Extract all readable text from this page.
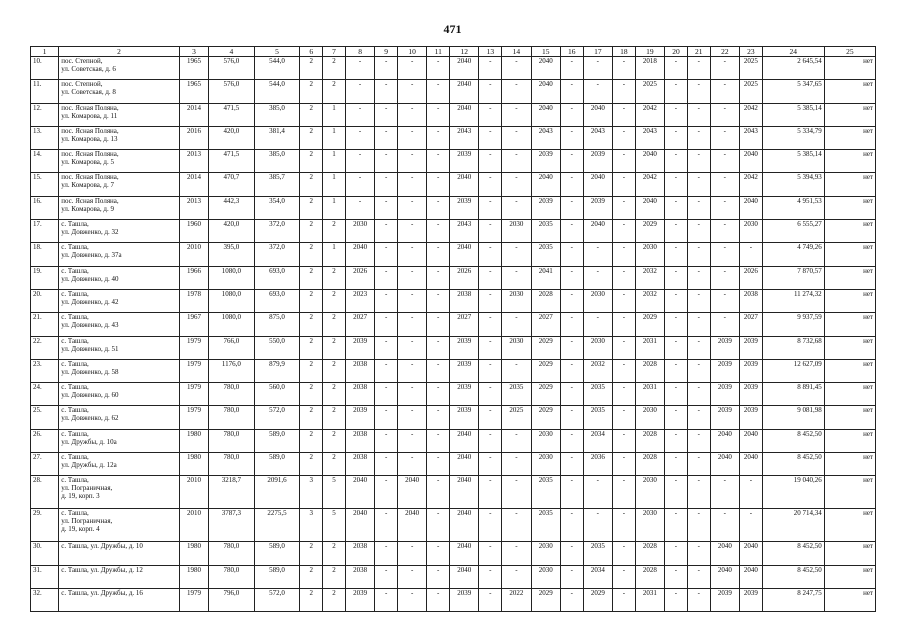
471
1	2	3	4	5	6	7	8	9	10	11	12	13	14	15	16	17	18	19	20	21	22	23	24	25
10.	пос. Степной,
ул. Советская, д. 6	1965	576,0	544,0	2	2	-	-	-	-	2040	-	-	2040	-	-	-	2018	-	-	-	2025	2 645,54	нет
11.	пос. Степной,
ул. Советская, д. 8	1965	576,0	544,0	2	2	-	-	-	-	2040	-	-	2040	-	-	-	2025	-	-	-	2025	5 347,65	нет
12.	пос. Ясная Поляна,
ул. Комарова, д. 11	2014	471,5	385,0	2	1	-	-	-	-	2040	-	-	2040	-	2040	-	2042	-	-	-	2042	5 385,14	нет
13.	пос. Ясная Поляна,
ул. Комарова, д. 13	2016	420,0	381,4	2	1	-	-	-	-	2043	-	-	2043	-	2043	-	2043	-	-	-	2043	5 334,79	нет
14.	пос. Ясная Поляна,
ул. Комарова, д. 5	2013	471,5	385,0	2	1	-	-	-	-	2039	-	-	2039	-	2039	-	2040	-	-	-	2040	5 385,14	нет
15.	пос. Ясная Поляна,
ул. Комарова, д. 7	2014	470,7	385,7	2	1	-	-	-	-	2040	-	-	2040	-	2040	-	2042	-	-	-	2042	5 394,93	нет
16.	пос. Ясная Поляна,
ул. Комарова, д. 9	2013	442,3	354,0	2	1	-	-	-	-	2039	-	-	2039	-	2039	-	2040	-	-	-	2040	4 951,53	нет
17.	с. Ташла,
ул. Довженко, д. 32	1960	420,0	372,0	2	2	2030	-	-	-	2043	-	2030	2035	-	2040	-	2029	-	-	-	2030	6 555,27	нет
18.	с. Ташла,
ул. Довженко, д. 37а	2010	395,0	372,0	2	1	2040	-	-	-	2040	-	-	2035	-	-	-	2030	-	-	-	-	4 749,26	нет
19.	с. Ташла,
ул. Довженко, д. 40	1966	1080,0	693,0	2	2	2026	-	-	-	2026	-	-	2041	-	-	-	2032	-	-	-	2026	7 870,57	нет
20.	с. Ташла,
ул. Довженко, д. 42	1978	1080,0	693,0	2	2	2023	-	-	-	2038	-	2030	2028	-	2030	-	2032	-	-	-	2038	11 274,32	нет
21.	с. Ташла,
ул. Довженко, д. 43	1967	1080,0	875,0	2	2	2027	-	-	-	2027	-	-	2027	-	-	-	2029	-	-	-	2027	9 937,59	нет
22.	с. Ташла,
ул. Довженко, д. 51	1979	766,0	550,0	2	2	2039	-	-	-	2039	-	2030	2029	-	2030	-	2031	-	-	2039	2039	8 732,68	нет
23.	с. Ташла,
ул. Довженко, д. 58	1979	1176,0	879,9	2	2	2038	-	-	-	2039	-	-	2029	-	2032	-	2028	-	-	2039	2039	12 627,09	нет
24.	с. Ташла,
ул. Довженко, д. 60	1979	780,0	560,0	2	2	2038	-	-	-	2039	-	2035	2029	-	2035	-	2031	-	-	2039	2039	8 891,45	нет
25.	с. Ташла,
ул. Довженко, д. 62	1979	780,0	572,0	2	2	2039	-	-	-	2039	-	2025	2029	-	2035	-	2030	-	-	2039	2039	9 081,98	нет
26.	с. Ташла,
ул. Дружбы, д. 10а	1980	780,0	589,0	2	2	2038	-	-	-	2040	-	-	2030	-	2034	-	2028	-	-	2040	2040	8 452,50	нет
27.	с. Ташла,
ул. Дружбы, д. 12а	1980	780,0	589,0	2	2	2038	-	-	-	2040	-	-	2030	-	2036	-	2028	-	-	2040	2040	8 452,50	нет
28.	с. Ташла,
ул. Пограничная,
д. 19, корп. 3	2010	3218,7	2091,6	3	5	2040	-	2040	-	2040	-	-	2035	-	-	-	2030	-	-	-	-	19 040,26	нет
29.	с. Ташла,
ул. Пограничная,
д. 19, корп. 4	2010	3787,3	2275,5	3	5	2040	-	2040	-	2040	-	-	2035	-	-	-	2030	-	-	-	-	20 714,34	нет
30.	с. Ташла, ул. Дружбы, д. 10	1980	780,0	589,0	2	2	2038	-	-	-	2040	-	-	2030	-	2035	-	2028	-	-	2040	2040	8 452,50	нет
31.	с. Ташла, ул. Дружбы, д. 12	1980	780,0	589,0	2	2	2038	-	-	-	2040	-	-	2030	-	2034	-	2028	-	-	2040	2040	8 452,50	нет
32.	с. Ташла, ул. Дружбы, д. 16	1979	796,0	572,0	2	2	2039	-	-	-	2039	-	2022	2029	-	2029	-	2031	-	-	2039	2039	8 247,75	нет
